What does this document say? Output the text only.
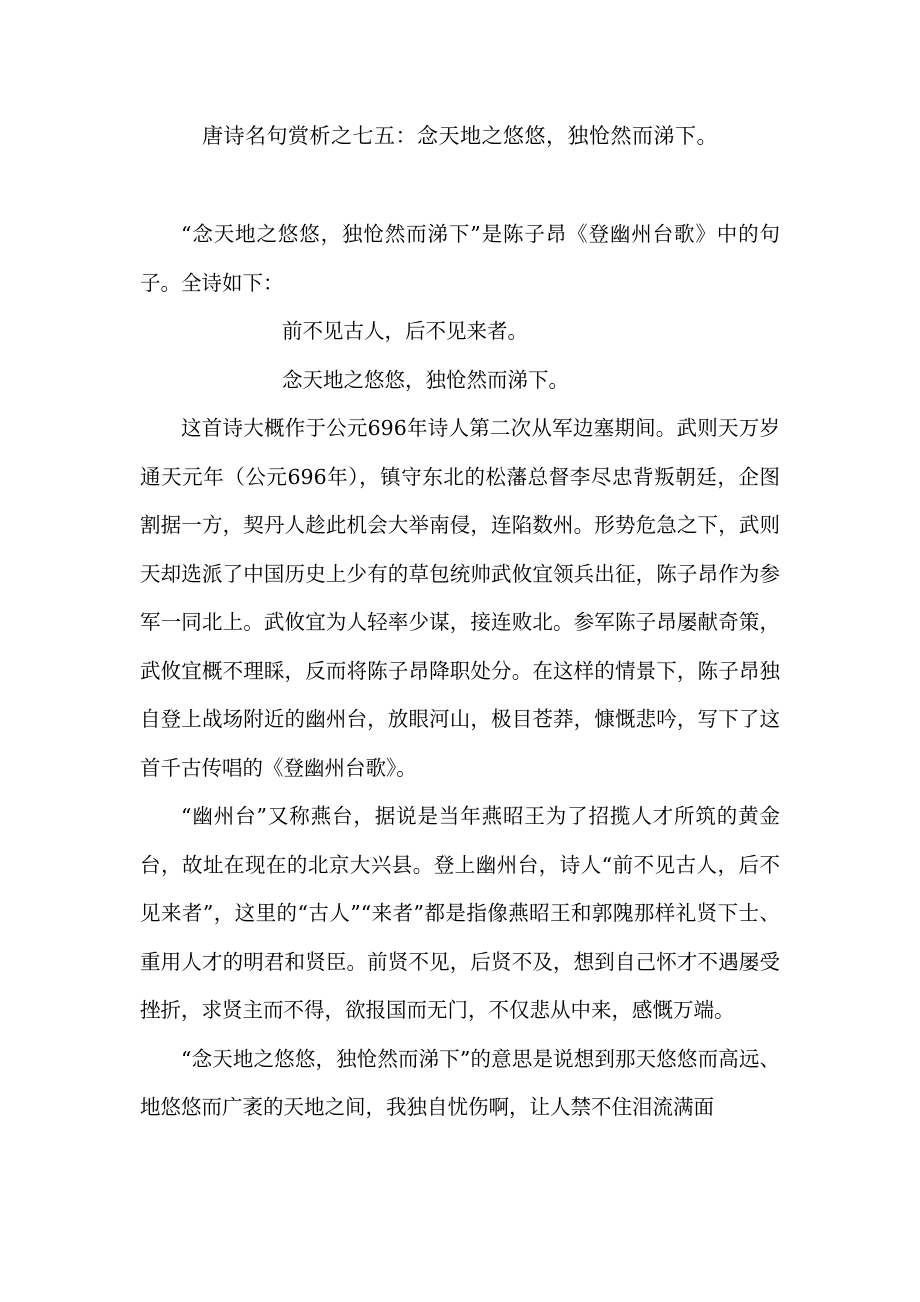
唐诗名句赏析之七五：念天地之悠悠，独怆然而涕下。

“念天地之悠悠，独怆然而涕下”是陈子昂《登幽州台歌》中的句子。全诗如下：

前不见古人，后不见来者。

念天地之悠悠，独怆然而涕下。

这首诗大概作于公元696年诗人第二次从军边塞期间。武则天万岁通天元年（公元696年），镇守东北的松藩总督李尽忠背叛朝廷，企图割据一方，契丹人趁此机会大举南侵，连陷数州。形势危急之下，武则天却选派了中国历史上少有的草包统帅武攸宜领兵出征，陈子昂作为参军一同北上。武攸宜为人轻率少谋，接连败北。参军陈子昂屡献奇策，武攸宜概不理睬，反而将陈子昂降职处分。在这样的情景下，陈子昂独自登上战场附近的幽州台，放眼河山，极目苍莽，慷慨悲吟，写下了这首千古传唱的《登幽州台歌》。

“幽州台”又称燕台，据说是当年燕昭王为了招揽人才所筑的黄金台，故址在现在的北京大兴县。登上幽州台，诗人“前不见古人，后不见来者”，这里的“古人”“来者”都是指像燕昭王和郭隗那样礼贤下士、重用人才的明君和贤臣。前贤不见，后贤不及，想到自己怀才不遇屡受挫折，求贤主而不得，欲报国而无门，不仅悲从中来，感慨万端。

“念天地之悠悠，独怆然而涕下”的意思是说想到那天悠悠而高远、地悠悠而广袤的天地之间，我独自忧伤啊，让人禁不住泪流满面
